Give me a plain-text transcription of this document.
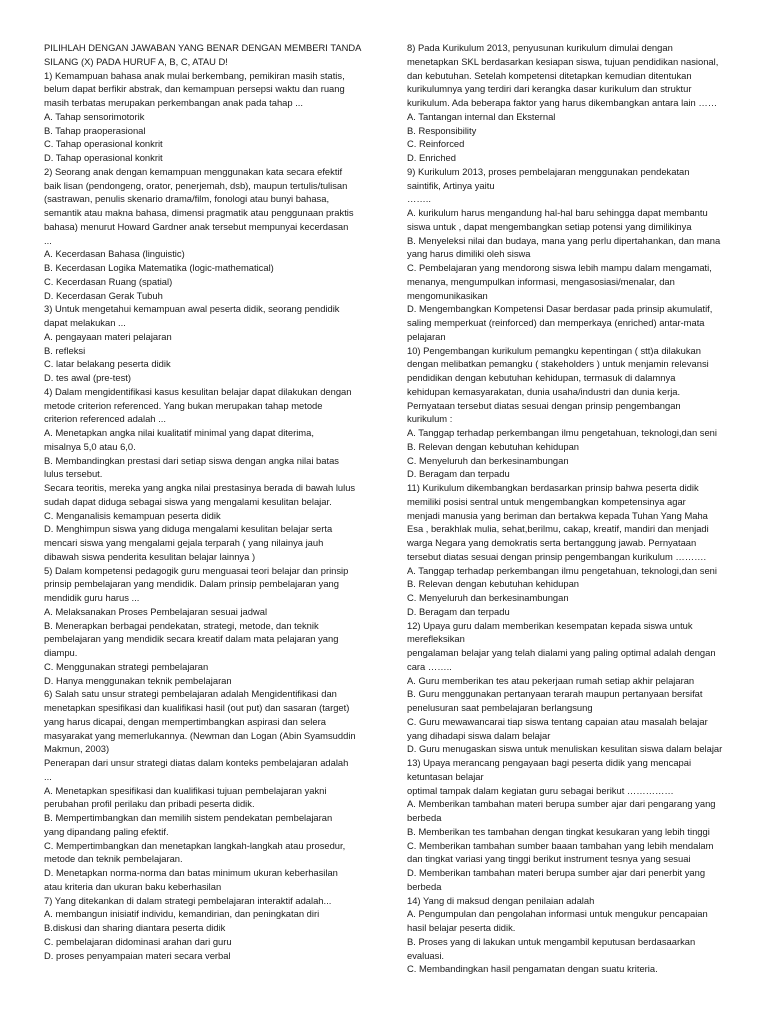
PILIHLAH DENGAN JAWABAN YANG BENAR DENGAN MEMBERI TANDA
SILANG (X) PADA HURUF A, B, C, ATAU D!
1) Kemampuan bahasa anak mulai berkembang, pemikiran masih statis,
belum dapat berfikir abstrak, dan kemampuan persepsi waktu dan ruang
masih terbatas merupakan perkembangan anak pada tahap ...
A. Tahap sensorimotorik
B. Tahap praoperasional
C. Tahap operasional konkrit
D. Tahap operasional konkrit
2) Seorang anak dengan kemampuan menggunakan kata secara efektif
baik lisan (pendongeng, orator, penerjemah, dsb), maupun tertulis/tulisan
(sastrawan, penulis skenario drama/film, fonologi atau bunyi bahasa,
semantik atau makna bahasa, dimensi pragmatik atau penggunaan praktis
bahasa) menurut Howard Gardner anak tersebut mempunyai kecerdasan
...
A. Kecerdasan Bahasa (linguistic)
B. Kecerdasan Logika Matematika (logic-mathematical)
C. Kecerdasan Ruang (spatial)
D. Kecerdasan Gerak Tubuh
3) Untuk mengetahui kemampuan awal peserta didik, seorang pendidik
dapat melakukan ...
A. pengayaan materi pelajaran
B. refleksi
C. latar belakang peserta didik
D. tes awal (pre-test)
4) Dalam mengidentifikasi kasus kesulitan belajar dapat dilakukan dengan
metode criterion referenced. Yang bukan merupakan tahap metode
criterion referenced adalah ...
A. Menetapkan angka nilai kualitatif minimal yang dapat diterima,
misalnya 5,0 atau 6,0.
B. Membandingkan prestasi dari setiap siswa dengan angka nilai batas
lulus tersebut.
Secara teoritis, mereka yang angka nilai prestasinya berada di bawah lulus
sudah dapat diduga sebagai siswa yang mengalami kesulitan belajar.
C. Menganalisis kemampuan peserta didik
D. Menghimpun siswa yang diduga mengalami kesulitan belajar serta
mencari siswa yang mengalami gejala terparah ( yang nilainya jauh
dibawah siswa penderita kesulitan belajar lainnya )
5) Dalam kompetensi pedagogik guru menguasai teori belajar dan prinsip
prinsip pembelajaran yang mendidik. Dalam prinsip pembelajaran yang
mendidik guru harus ...
A. Melaksanakan Proses Pembelajaran sesuai jadwal
B. Menerapkan berbagai pendekatan, strategi, metode, dan teknik
pembelajaran yang mendidik secara kreatif dalam mata pelajaran yang
diampu.
C. Menggunakan strategi pembelajaran
D. Hanya menggunakan teknik pembelajaran
6) Salah satu unsur strategi pembelajaran adalah Mengidentifikasi dan
menetapkan spesifikasi dan kualifikasi hasil (out put) dan sasaran (target)
yang harus dicapai, dengan mempertimbangkan aspirasi dan selera
masyarakat yang memerlukannya. (Newman dan Logan (Abin Syamsuddin
Makmun, 2003)
Penerapan dari unsur strategi diatas dalam konteks pembelajaran adalah
...
A. Menetapkan spesifikasi dan kualifikasi tujuan pembelajaran yakni
perubahan profil perilaku dan pribadi peserta didik.
B. Mempertimbangkan dan memilih sistem pendekatan pembelajaran
yang dipandang paling efektif.
C. Mempertimbangkan dan menetapkan langkah-langkah atau prosedur,
metode dan teknik pembelajaran.
D. Menetapkan norma-norma dan batas minimum ukuran keberhasilan
atau kriteria dan ukuran baku keberhasilan
7) Yang ditekankan di dalam strategi pembelajaran interaktif adalah...
A. membangun inisiatif individu, kemandirian, dan peningkatan diri
B.diskusi dan sharing diantara peserta didik
C. pembelajaran didominasi arahan dari guru
D. proses penyampaian materi secara verbal
8) Pada Kurikulum 2013, penyusunan kurikulum dimulai dengan
menetapkan SKL berdasarkan kesiapan siswa, tujuan pendidikan nasional,
dan kebutuhan. Setelah kompetensi ditetapkan kemudian ditentukan
kurikulumnya yang terdiri dari kerangka dasar kurikulum dan struktur
kurikulum. Ada beberapa faktor yang harus dikembangkan antara lain ……
A. Tantangan internal dan Eksternal
B. Responsibility
C. Reinforced
D. Enriched
9) Kurikulum 2013, proses pembelajaran menggunakan pendekatan
saintifik, Artinya yaitu
……..
A. kurikulum harus mengandung hal-hal baru sehingga dapat membantu
siswa untuk , dapat mengembangkan setiap potensi yang dimilikinya
B. Menyeleksi nilai dan budaya, mana yang perlu dipertahankan, dan mana
yang harus dimiliki oleh siswa
C. Pembelajaran yang mendorong siswa lebih mampu dalam mengamati,
menanya, mengumpulkan informasi, mengasosiasi/menalar, dan
mengomunikasikan
D. Mengembangkan Kompetensi Dasar berdasar pada prinsip akumulatif,
saling memperkuat (reinforced) dan memperkaya (enriched) antar-mata
pelajaran
10) Pengembangan kurikulum pemangku kepentingan ( stt)a dilakukan
dengan melibatkan pemangku ( stakeholders ) untuk menjamin relevansi
pendidikan dengan kebutuhan kehidupan, termasuk di dalamnya
kehidupan kemasyarakatan, dunia usaha/industri dan dunia kerja.
Pernyataan tersebut diatas sesuai dengan prinsip pengembangan
kurikulum :
A. Tanggap terhadap perkembangan ilmu pengetahuan, teknologi,dan seni
B. Relevan dengan kebutuhan kehidupan
C. Menyeluruh dan berkesinambungan
D. Beragam dan terpadu
11) Kurikulum dikembangkan berdasarkan prinsip bahwa peserta didik
memiliki posisi sentral untuk mengembangkan kompetensinya agar
menjadi manusia yang beriman dan bertakwa kepada Tuhan Yang Maha
Esa , berakhlak mulia, sehat,berilmu, cakap, kreatif, mandiri dan menjadi
warga Negara yang demokratis serta bertanggung jawab. Pernyataan
tersebut diatas sesuai dengan prinsip pengembangan kurikulum ……….
A. Tanggap terhadap perkembangan ilmu pengetahuan, teknologi,dan seni
B. Relevan dengan kebutuhan kehidupan
C. Menyeluruh dan berkesinambungan
D. Beragam dan terpadu
12) Upaya guru dalam memberikan kesempatan kepada siswa untuk
merefleksikan
pengalaman belajar yang telah dialami yang paling optimal adalah dengan
cara ……..
A. Guru memberikan tes atau pekerjaan rumah setiap akhir pelajaran
B. Guru menggunakan pertanyaan terarah maupun pertanyaan bersifat
penelusuran saat pembelajaran berlangsung
C. Guru mewawancarai tiap siswa tentang capaian atau masalah belajar
yang dihadapi siswa dalam belajar
D. Guru menugaskan siswa untuk menuliskan kesulitan siswa dalam belajar
13) Upaya merancang pengayaan bagi peserta didik yang mencapai
ketuntasan belajar
optimal tampak dalam kegiatan guru sebagai berikut ……………
A. Memberikan tambahan materi berupa sumber ajar dari pengarang yang
berbeda
B. Memberikan tes tambahan dengan tingkat kesukaran yang lebih tinggi
C. Memberikan tambahan sumber baaan tambahan yang lebih mendalam
dan tingkat variasi yang tinggi berikut instrument tesnya yang sesuai
D. Memberikan tambahan materi berupa sumber ajar dari penerbit yang
berbeda
14) Yang di maksud dengan penilaian adalah
A. Pengumpulan dan pengolahan informasi untuk mengukur pencapaian
hasil belajar peserta didik.
B. Proses yang di lakukan untuk mengambil keputusan berdasaarkan
evaluasi.
C. Membandingkan hasil pengamatan dengan suatu kriteria.
